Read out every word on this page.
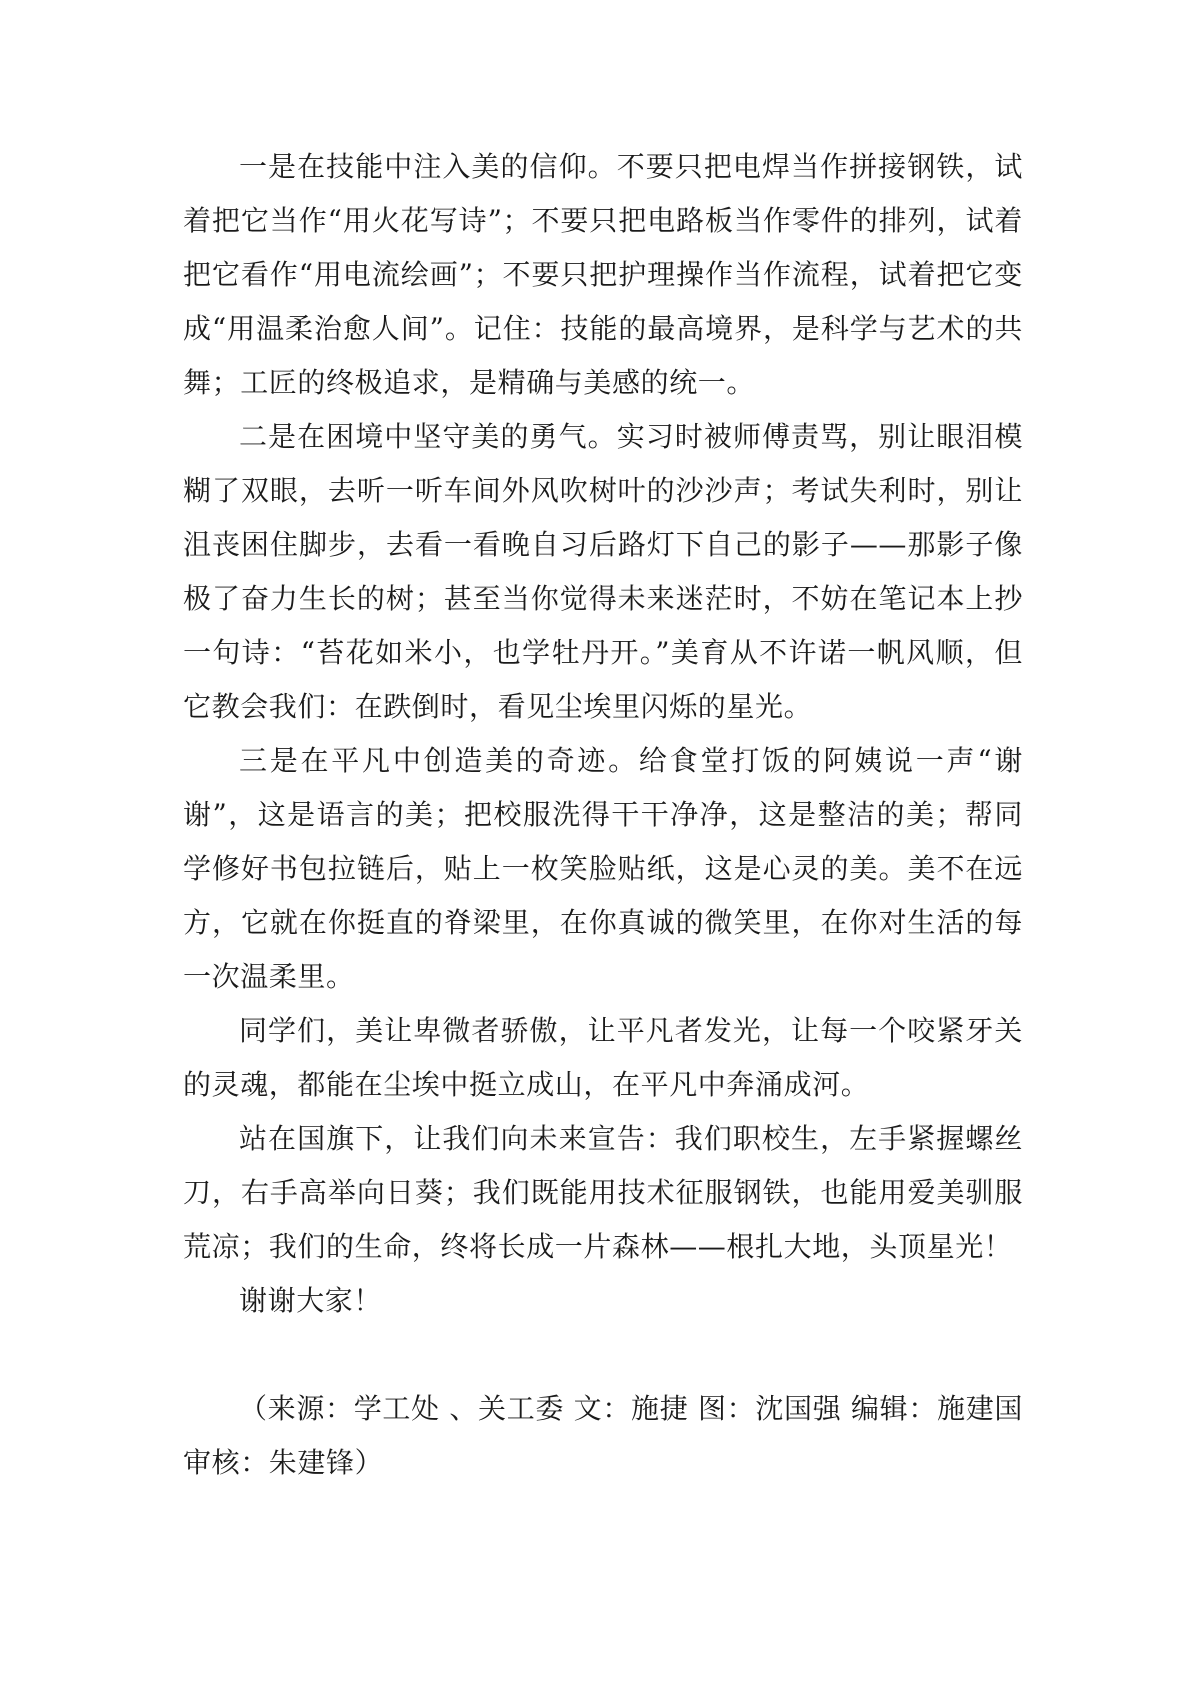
一是在技能中注入美的信仰。不要只把电焊当作拼接钢铁，试着把它当作“用火花写诗”；不要只把电路板当作零件的排列，试着把它看作“用电流绘画”；不要只把护理操作当作流程，试着把它变成“用温柔治愈人间”。记住：技能的最高境界，是科学与艺术的共舞；工匠的终极追求，是精确与美感的统一。

二是在困境中坚守美的勇气。实习时被师傅责骂，别让眼泪模糊了双眼，去听一听车间外风吹树叶的沙沙声；考试失利时，别让沮丧困住脚步，去看一看晚自习后路灯下自己的影子——那影子像极了奋力生长的树；甚至当你觉得未来迷茫时，不妨在笔记本上抄一句诗：“苔花如米小，也学牡丹开。”美育从不许诺一帆风顺，但它教会我们：在跌倒时，看见尘埃里闪烁的星光。

三是在平凡中创造美的奇迹。给食堂打饭的阿姨说一声“谢谢”，这是语言的美；把校服洗得干干净净，这是整洁的美；帮同学修好书包拉链后，贴上一枚笑脸贴纸，这是心灵的美。美不在远方，它就在你挺直的脊梁里，在你真诚的微笑里，在你对生活的每一次温柔里。

同学们，美让卑微者骄傲，让平凡者发光，让每一个咬紧牙关的灵魂，都能在尘埃中挺立成山，在平凡中奔涌成河。

站在国旗下，让我们向未来宣告：我们职校生，左手紧握螺丝刀，右手高举向日葵；我们既能用技术征服钢铁，也能用爱美驯服荒凉；我们的生命，终将长成一片森林——根扎大地，头顶星光！

谢谢大家！

（来源：学工处 、关工委 文：施捷 图：沈国强 编辑：施建国 审核：朱建锋）
